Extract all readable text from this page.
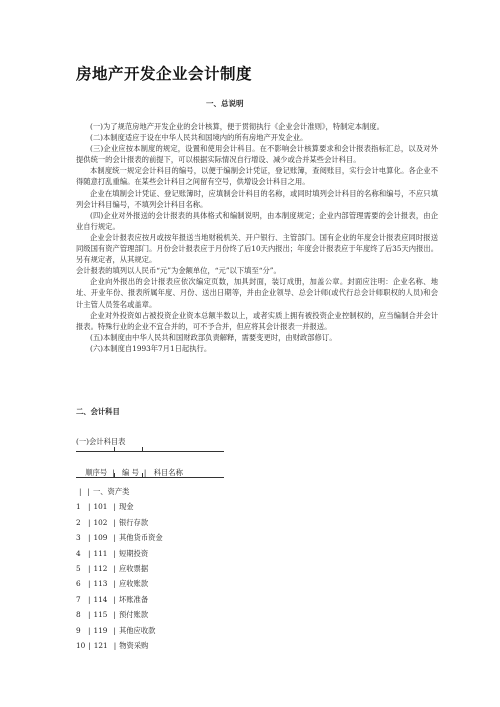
房地产开发企业会计制度
一、总说明

(一)为了规范房地产开发企业的会计核算，便于贯彻执行《企业会计准则》，特制定本制度。

(二)本制度适应于设在中华人民共和国境内的所有房地产开发企业。

(三)企业应按本制度的规定，设置和使用会计科目。在不影响会计核算要求和会计报表指标汇总，以及对外提供统一的会计报表的前提下，可以根据实际情况自行增设、减少或合并某些会计科目。

本制度统一规定会计科目的编号，以便于编制会计凭证，登记账簿，查阅账目，实行会计电算化。各企业不得随意打乱重编。在某些会计科目之间留有空号，供增设会计科目之用。

企业在填制会计凭证、登记账簿时，应填制会计科目的名称，或同时填列会计科目的名称和编号，不应只填列会计科目编号，不填列会计科目名称。

(四)企业对外报送的会计报表的具体格式和编制说明，由本制度规定；企业内部管理需要的会计报表，由企业自行规定。

企业会计报表应按月或按年报送当地财税机关、开户银行、主管部门。国有企业的年度会计报表应同时报送同级国有资产管理部门。月份会计报表应于月份终了后10天内报出；年度会计报表应于年度终了后35天内报出。另有规定者，从其规定。

会计报表的填列以人民币“元”为金额单位，“元”以下填至“分”。

企业向外报出的会计报表应依次编定页数，加具封面，装订成册，加盖公章。封面应注明：企业名称、地址、开业年份、报表所属年度、月份、送出日期等，并由企业领导、总会计师(或代行总会计师职权的人员)和会计主管人员签名或盖章。

企业对外投资如占被投资企业资本总额半数以上，或者实质上拥有被投资企业控制权的，应当编制合并会计报表。特殊行业的企业不宜合并的，可不予合并，但应将其会计报表一并报送。

(五)本制度由中华人民共和国财政部负责解释，需要变更时，由财政部修订。

(六)本制度自1993年7月1日起执行。

二、会计科目
(一)会计科目表

顺序号 | 编 号 | 科目名称

| | 一、资产类
1 | 101 | 现金
2 | 102 | 银行存款
3 | 109 | 其他货币资金
4 | 111 | 短期投资
5 | 112 | 应收票据
6 | 113 | 应收账款
7 | 114 | 坏账准备
8 | 115 | 预付账款
9 | 119 | 其他应收款
10 | 121 | 物资采购
